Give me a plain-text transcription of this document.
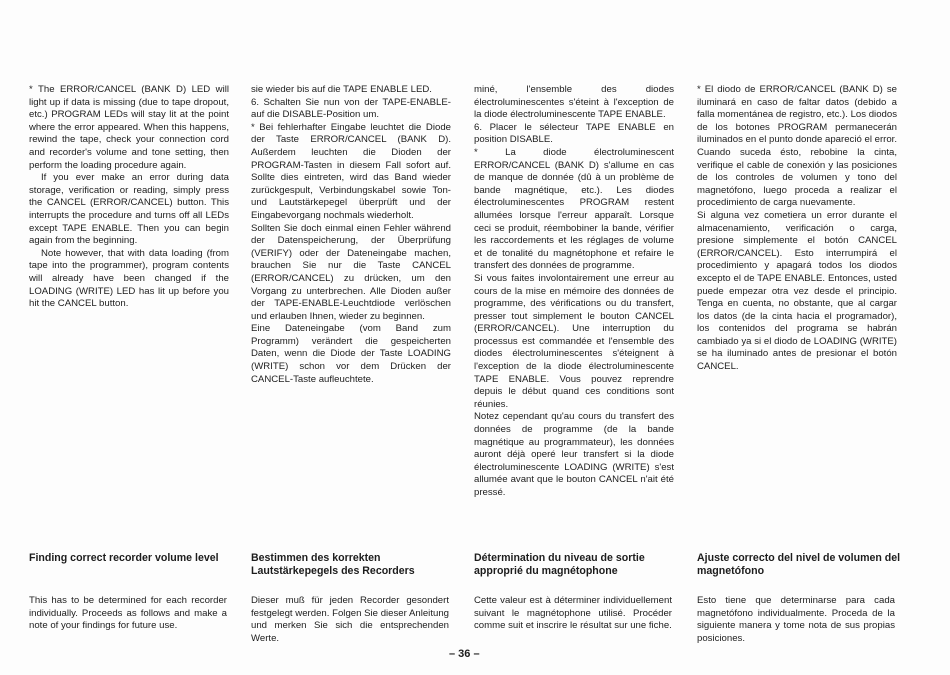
* The ERROR/CANCEL (BANK D) LED will light up if data is missing (due to tape dropout, etc.) PROGRAM LEDs will stay lit at the point where the error appeared. When this happens, rewind the tape, check your connection cord and recorder's volume and tone setting, then perform the loading procedure again.

If you ever make an error during data storage, verification or reading, simply press the CANCEL (ERROR/CANCEL) button. This interrupts the procedure and turns off all LEDs except TAPE ENABLE. Then you can begin again from the beginning.

Note however, that with data loading (from tape into the programmer), program contents will already have been changed if the LOADING (WRITE) LED has lit up before you hit the CANCEL button.

sie wieder bis auf die TAPE ENABLE LED.

6. Schalten Sie nun von der TAPE-ENABLE- auf die DISABLE-Position um.

* Bei fehlerhafter Eingabe leuchtet die Diode der Taste ERROR/CANCEL (BANK D). Außerdem leuchten die Dioden der PROGRAM-Tasten in diesem Fall sofort auf. Sollte dies eintreten, wird das Band wieder zurückgespult, Verbindungskabel sowie Ton- und Lautstärkepegel überprüft und der Eingabevorgang nochmals wiederholt.

Sollten Sie doch einmal einen Fehler während der Datenspeicherung, der Überprüfung (VERIFY) oder der Dateneingabe machen, brauchen Sie nur die Taste CANCEL (ERROR/CANCEL) zu drücken, um den Vorgang zu unterbrechen. Alle Dioden außer der TAPE-ENABLE-Leuchtdiode verlöschen und erlauben Ihnen, wieder zu beginnen.

Eine Dateneingabe (vom Band zum Programm) verändert die gespeicherten Daten, wenn die Diode der Taste LOADING (WRITE) schon vor dem Drücken der CANCEL-Taste aufleuchtete.

miné, l'ensemble des diodes électroluminescentes s'éteint à l'exception de la diode électroluminescente TAPE ENABLE.

6. Placer le sélecteur TAPE ENABLE en position DISABLE.

* La diode électroluminescent ERROR/CANCEL (BANK D) s'allume en cas de manque de donnée (dû à un problème de bande magnétique, etc.). Les diodes électroluminescentes PROGRAM restent allumées lorsque l'erreur apparaît. Lorsque ceci se produit, réembobiner la bande, vérifier les raccordements et les réglages de volume et de tonalité du magnétophone et refaire le transfert des données de programme.

Si vous faites involontairement une erreur au cours de la mise en mémoire des données de programme, des vérifications ou du transfert, presser tout simplement le bouton CANCEL (ERROR/CANCEL). Une interruption du processus est commandée et l'ensemble des diodes électroluminescentes s'éteignent à l'exception de la diode électroluminescente TAPE ENABLE. Vous pouvez reprendre depuis le début quand ces conditions sont réunies.

Notez cependant qu'au cours du transfert des données de programme (de la bande magnétique au programmateur), les données auront déjà operé leur transfert si la diode électroluminescente LOADING (WRITE) s'est allumée avant que le bouton CANCEL n'ait été pressé.

* El diodo de ERROR/CANCEL (BANK D) se iluminará en caso de faltar datos (debido a falla momentánea de registro, etc.). Los diodos de los botones PROGRAM permanecerán iluminados en el punto donde apareció el error. Cuando suceda ésto, rebobine la cinta, verifique el cable de conexión y las posiciones de los controles de volumen y tono del magnetófono, luego proceda a realizar el procedimiento de carga nuevamente.

Si alguna vez cometiera un error durante el almacenamiento, verificación o carga, presione simplemente el botón CANCEL (ERROR/CANCEL). Esto interrumpirá el procedimiento y apagará todos los diodos excepto el de TAPE ENABLE. Entonces, usted puede empezar otra vez desde el principio. Tenga en cuenta, no obstante, que al cargar los datos (de la cinta hacia el programador), los contenidos del programa se habrán cambiado ya si el diodo de LOADING (WRITE) se ha iluminado antes de presionar el botón CANCEL.

Finding correct recorder volume level	Bestimmen des korrekten Lautstärkepegels des Recorders
Détermination du niveau de sortie approprié du magnétophone
Ajuste correcto del nivel de volumen del magnetófono
This has to be determined for each recorder individually. Proceeds as follows and make a note of your findings for future use.
Dieser muß für jeden Recorder gesondert festgelegt werden. Folgen Sie dieser Anleitung und merken Sie sich die entsprechenden Werte.
Cette valeur est à déterminer individuellement suivant le magnétophone utilisé. Procéder comme suit et inscrire le résultat sur une fiche.
Esto tiene que determinarse para cada magnetófono individualmente. Proceda de la siguiente manera y tome nota de sus propias posiciones.
– 36 –
